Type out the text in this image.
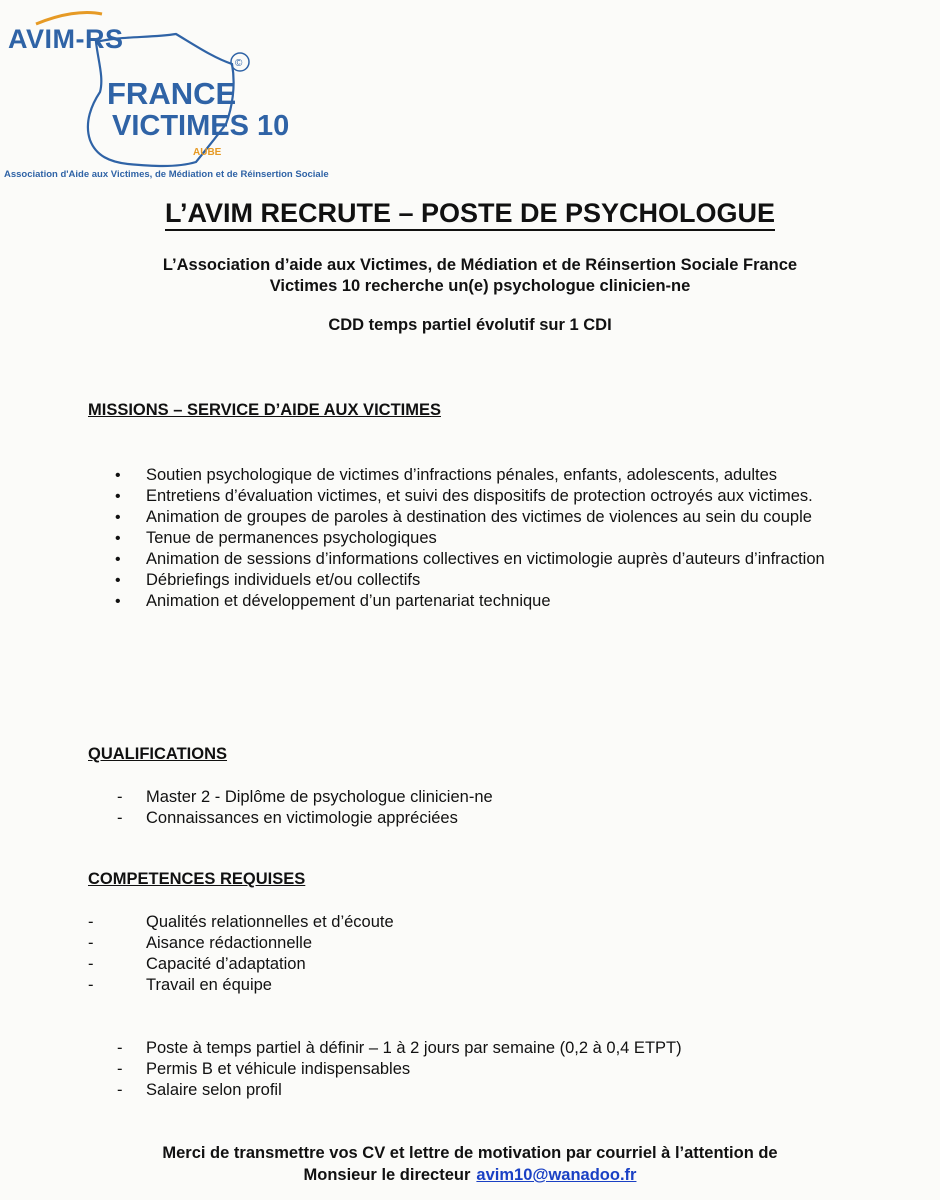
©
AVIM-RS
FRANCE
VICTIMES 10
AUBE
Association d'Aide aux Victimes, de Médiation et de Réinsertion Sociale
L’AVIM RECRUTE – POSTE DE PSYCHOLOGUE
L’Association d’aide aux Victimes, de Médiation et de Réinsertion Sociale France
Victimes 10 recherche un(e) psychologue clinicien-ne
CDD temps partiel évolutif sur 1 CDI
MISSIONS – SERVICE D’AIDE AUX VICTIMES
• Soutien psychologique de victimes d’infractions pénales, enfants, adolescents, adultes
• Entretiens d’évaluation victimes, et suivi des dispositifs de protection octroyés aux victimes.
• Animation de groupes de paroles à destination des victimes de violences au sein du couple
• Tenue de permanences psychologiques
• Animation de sessions d’informations collectives en victimologie auprès d’auteurs d’infraction
• Débriefings individuels et/ou collectifs
• Animation et développement d’un partenariat technique
QUALIFICATIONS
- Master 2 - Diplôme de psychologue clinicien-ne
- Connaissances en victimologie appréciées
COMPETENCES REQUISES
-	Qualités relationnelles et d’écoute
-	Aisance rédactionnelle
-	Capacité d’adaptation
-	Travail en équipe
- Poste à temps partiel à définir – 1 à 2 jours par semaine (0,2 à 0,4 ETPT)
- Permis B et véhicule indispensables
- Salaire selon profil
Merci de transmettre vos CV et lettre de motivation par courriel à l’attention de
Monsieur le directeur avim10@wanadoo.fr
